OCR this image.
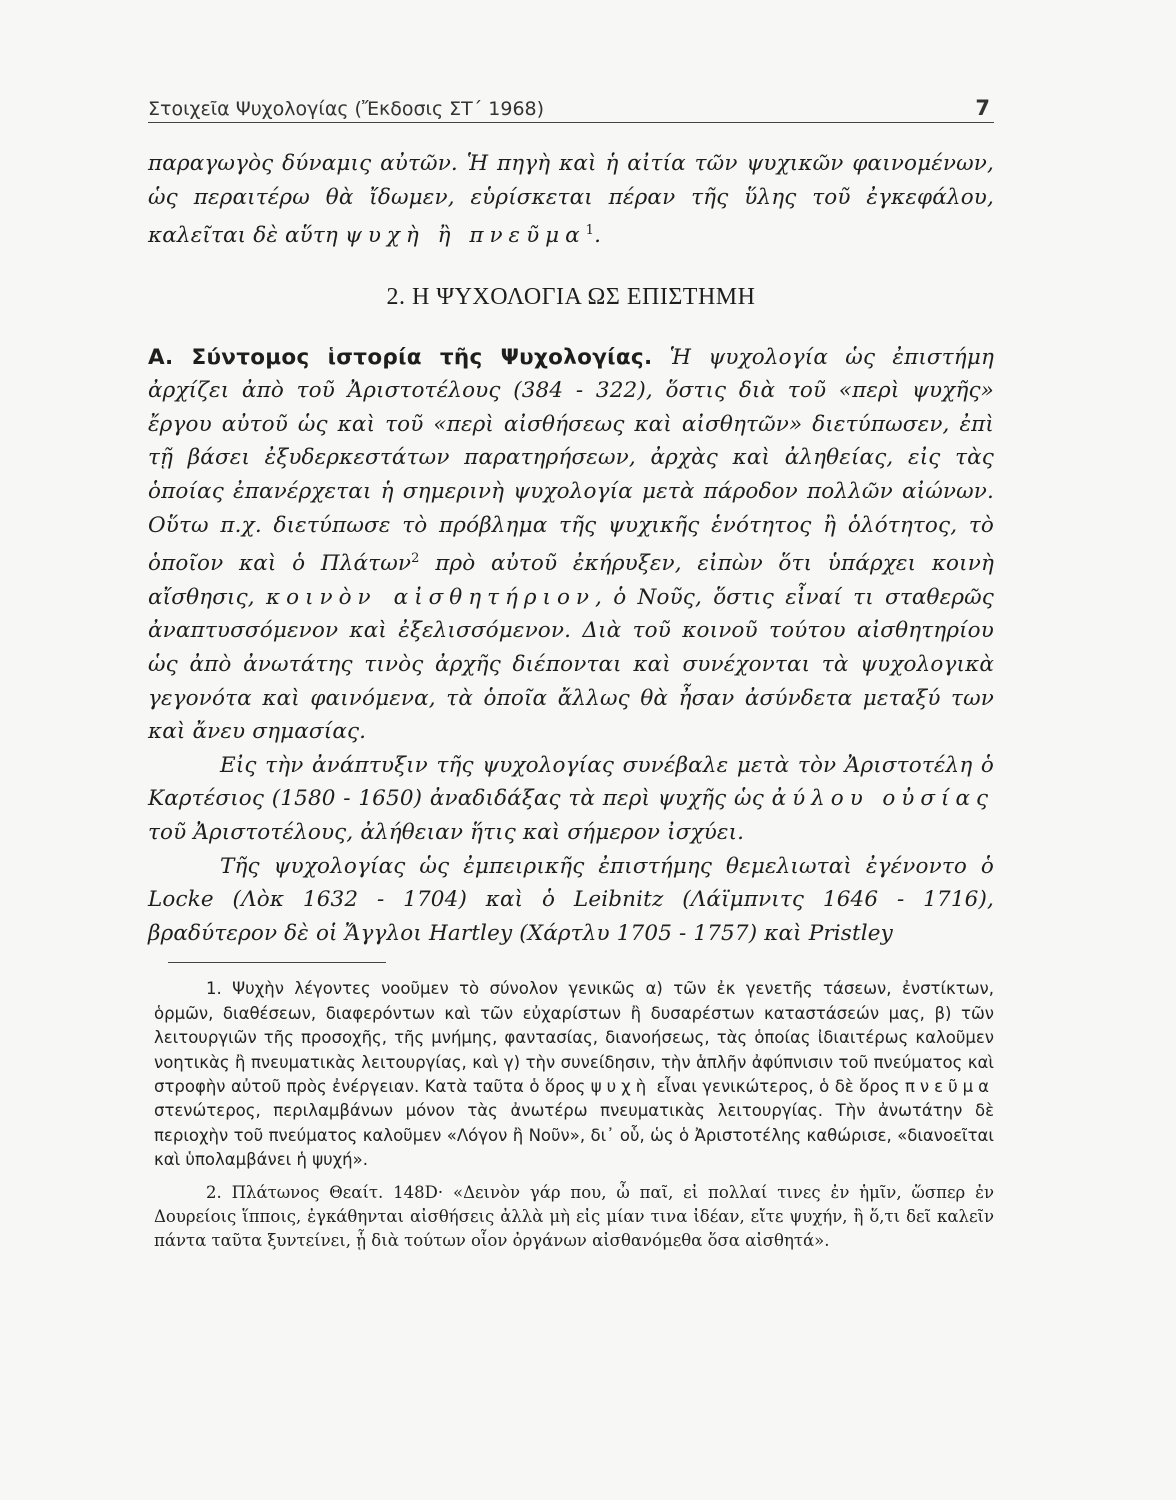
Στοιχεῖα Ψυχολογίας (Ἔκδοσις ΣΤ΄ 1968)	7

παραγωγὸς δύναμις αὐτῶν. Ἡ πηγὴ καὶ ἡ αἰτία τῶν ψυχικῶν φαινομένων, ὡς περαιτέρω θὰ ἴδωμεν, εὑρίσκεται πέραν τῆς ὕλης τοῦ ἐγκεφάλου, καλεῖται δὲ αὕτη ψυχὴ ἢ πνεῦμα$^1$.

2. Η ΨΥΧΟΛΟΓΙΑ ΩΣ ΕΠΙΣΤΗΜΗ

Α. Σύντομος ἱστορία τῆς Ψυχολογίας. Ἡ ψυχολογία ὡς ἐπιστήμη ἀρχίζει ἀπὸ τοῦ Ἀριστοτέλους (384 - 322), ὅστις διὰ τοῦ «περὶ ψυχῆς» ἔργου αὐτοῦ ὡς καὶ τοῦ «περὶ αἰσθήσεως καὶ αἰσθητῶν» διετύπωσεν, ἐπὶ τῇ βάσει ἐξυδερκεστάτων παρατηρήσεων, ἀρχὰς καὶ ἀληθείας, εἰς τὰς ὁποίας ἐπανέρχεται ἡ σημερινὴ ψυχολογία μετὰ πάροδον πολλῶν αἰώνων. Οὕτω π.χ. διετύπωσε τὸ πρόβλημα τῆς ψυχικῆς ἑνότητος ἢ ὁλότητος, τὸ ὁποῖον καὶ ὁ Πλάτων$^2$ πρὸ αὐτοῦ ἐκήρυξεν, εἰπὼν ὅτι ὑπάρχει κοινὴ αἴσθησις, κοινὸν αἰσθητήριον, ὁ Νοῦς, ὅστις εἶναί τι σταθερῶς ἀναπτυσσόμενον καὶ ἐξελισσόμενον. Διὰ τοῦ κοινοῦ τούτου αἰσθητηρίου ὡς ἀπὸ ἀνωτάτης τινὸς ἀρχῆς διέπονται καὶ συνέχονται τὰ ψυχολογικὰ γεγονότα καὶ φαινόμενα, τὰ ὁποῖα ἄλλως θὰ ἦσαν ἀσύνδετα μεταξύ των καὶ ἄνευ σημασίας.

Εἰς τὴν ἀνάπτυξιν τῆς ψυχολογίας συνέβαλε μετὰ τὸν Ἀριστοτέλη ὁ Καρτέσιος (1580 - 1650) ἀναδιδάξας τὰ περὶ ψυχῆς ὡς ἀύλου οὐσίας τοῦ Ἀριστοτέλους, ἀλήθειαν ἥτις καὶ σήμερον ἰσχύει.

Τῆς ψυχολογίας ὡς ἐμπειρικῆς ἐπιστήμης θεμελιωταὶ ἐγένοντο ὁ Locke (Λὸκ 1632 - 1704) καὶ ὁ Leibnitz (Λάϊμπνιτς 1646 - 1716), βραδύτερον δὲ οἱ Ἄγγλοι Hartley (Χάρτλυ 1705 - 1757) καὶ Pristley

1. Ψυχὴν λέγοντες νοοῦμεν τὸ σύνολον γενικῶς α) τῶν ἐκ γενετῆς τάσεων, ἐνστίκτων, ὁρμῶν, διαθέσεων, διαφερόντων καὶ τῶν εὐχαρίστων ἢ δυσαρέστων καταστάσεών μας, β) τῶν λειτουργιῶν τῆς προσοχῆς, τῆς μνήμης, φαντασίας, διανοήσεως, τὰς ὁποίας ἰδιαιτέρως καλοῦμεν νοητικὰς ἢ πνευματικὰς λειτουργίας, καὶ γ) τὴν συνείδησιν, τὴν ἁπλῆν ἀφύπνισιν τοῦ πνεύματος καὶ στροφὴν αὐτοῦ πρὸς ἐνέργειαν. Κατὰ ταῦτα ὁ ὅρος ψυχὴ εἶναι γενικώτερος, ὁ δὲ ὅρος πνεῦμα στενώτερος, περιλαμβάνων μόνον τὰς ἀνωτέρω πνευματικὰς λειτουργίας. Τὴν ἀνωτάτην δὲ περιοχὴν τοῦ πνεύματος καλοῦμεν «Λόγον ἢ Νοῦν», δι᾽ οὗ, ὡς ὁ Ἀριστοτέλης καθώρισε, «διανοεῖται καὶ ὑπολαμβάνει ἡ ψυχή».

2. Πλάτωνος Θεαίτ. 148D· «Δεινὸν γάρ που, ὦ παῖ, εἰ πολλαί τινες ἐν ἡμῖν, ὥσπερ ἐν Δουρείοις ἵπποις, ἐγκάθηνται αἰσθήσεις ἀλλὰ μὴ εἰς μίαν τινα ἰδέαν, εἴτε ψυχήν, ἢ ὅ,τι δεῖ καλεῖν πάντα ταῦτα ξυντείνει, ᾗ διὰ τούτων οἷον ὀργάνων αἰσθανόμεθα ὅσα αἰσθητά».
